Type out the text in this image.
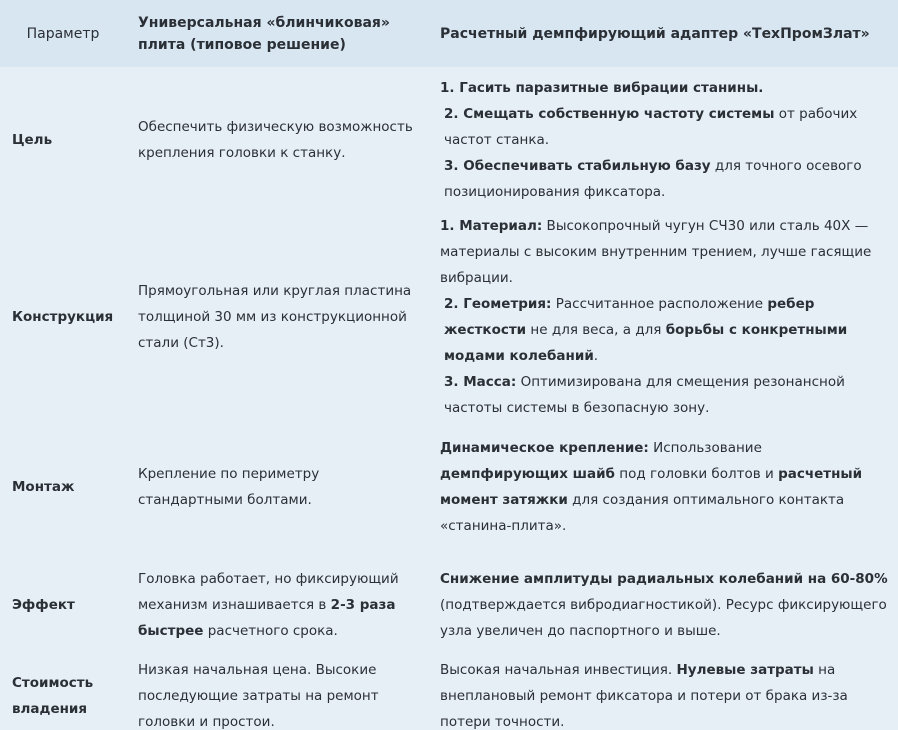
Параметр	Универсальная «блинчиковая» плита (типовое решение)	Расчетный демпфирующий адаптер «ТехПромЗлат»
Цель	Обеспечить физическую возможность крепления головки к станку.	1. Гасить паразитные вибрации станины.
2. Смещать собственную частоту системы от рабочих частот станка.
3. Обеспечивать стабильную базу для точного осевого позиционирования фиксатора.

Конструкция	Прямоугольная или круглая пластина толщиной 30 мм из конструкционной стали (Ст3).	1. Материал: Высокопрочный чугун СЧ30 или сталь 40Х — материалы с высоким внутренним трением, лучше гасящие вибрации.
2. Геометрия: Рассчитанное расположение ребер жесткости не для веса, а для борьбы с конкретными модами колебаний.
3. Масса: Оптимизирована для смещения резонансной частоты системы в безопасную зону.

Монтаж	Крепление по периметру стандартными болтами.	Динамическое крепление: Использование демпфирующих шайб под головки болтов и расчетный момент затяжки для создания оптимального контакта «станина-плита».

Эффект	Головка работает, но фиксирующий механизм изнашивается в 2-3 раза быстрее расчетного срока.	Снижение амплитуды радиальных колебаний на 60-80% (подтверждается вибродиагностикой). Ресурс фиксирующего узла увеличен до паспортного и выше.

Стоимость владения	Низкая начальная цена. Высокие последующие затраты на ремонт головки и простои.	Высокая начальная инвестиция. Нулевые затраты на внеплановый ремонт фиксатора и потери от брака из-за потери точности.
